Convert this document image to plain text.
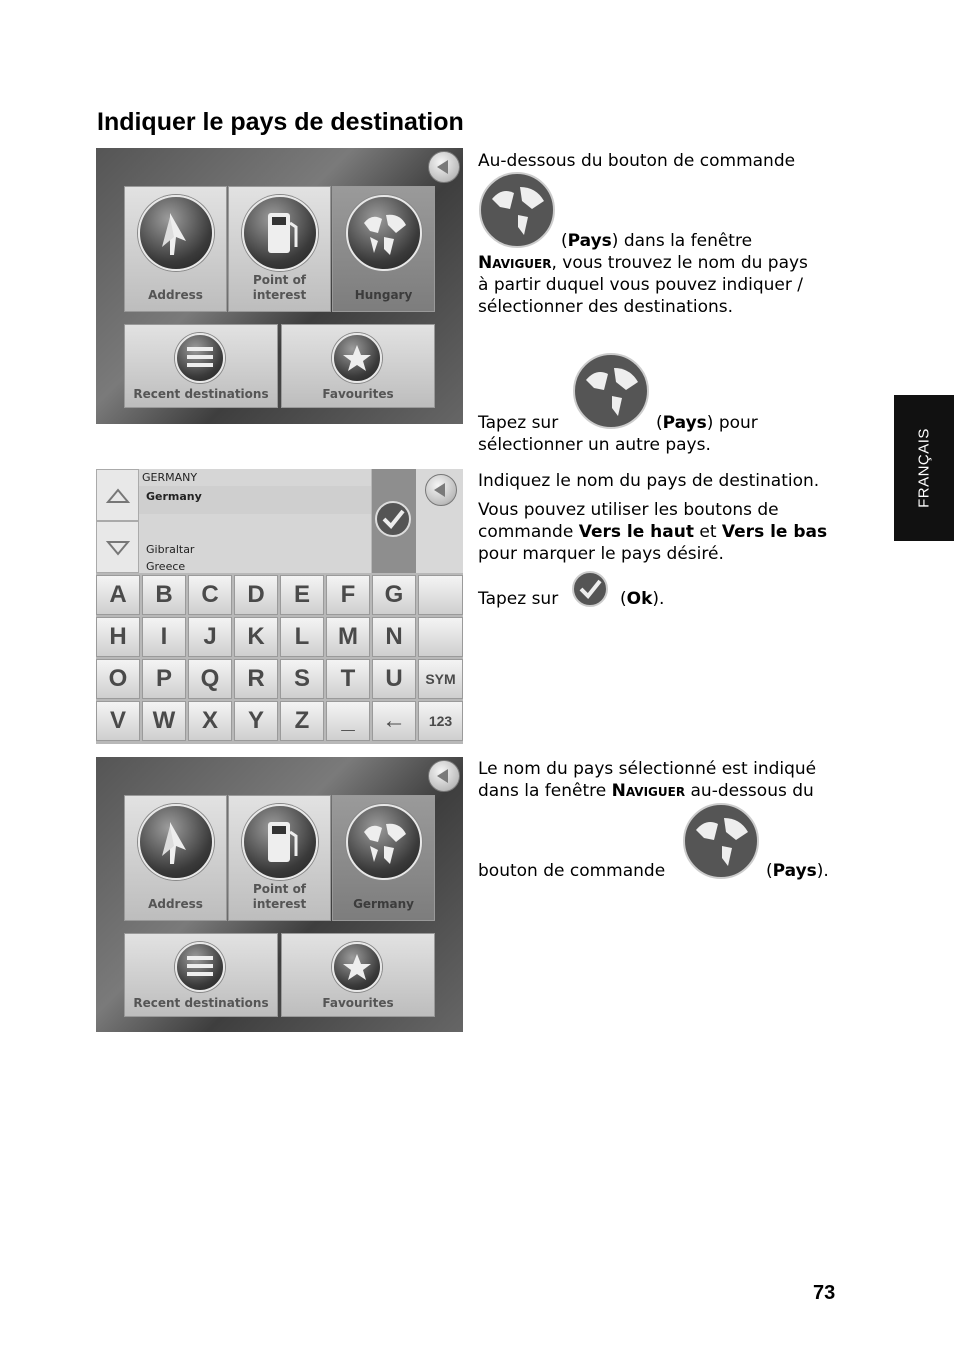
Indiquer le pays de destination
FRANÇAIS
Address
Point of interest	Hungary
Recent destinations	Favourites
GERMANY
Germany
Gibraltar
Greece
A	B	C	D	E	F	G
H	I	J	K	L	M	N
O	P	Q	R	S	T	U	SYM
V	W	X	Y	Z	_	←	123
Address
Point of interest	Germany
Recent destinations	Favourites
Au-dessous du bouton de commande
(Pays) dans la fenêtre
Naviguer, vous trouvez le nom du pays
à partir duquel vous pouvez indiquer /
sélectionner des destinations.
Tapez sur	(Pays) pour
sélectionner un autre pays.
Indiquez le nom du pays de destination.
Vous pouvez utiliser les boutons de
commande Vers le haut et Vers le bas
pour marquer le pays désiré.
Tapez sur	(Ok).
Le nom du pays sélectionné est indiqué
dans la fenêtre Naviguer au-dessous du
bouton de commande	(Pays).
73
